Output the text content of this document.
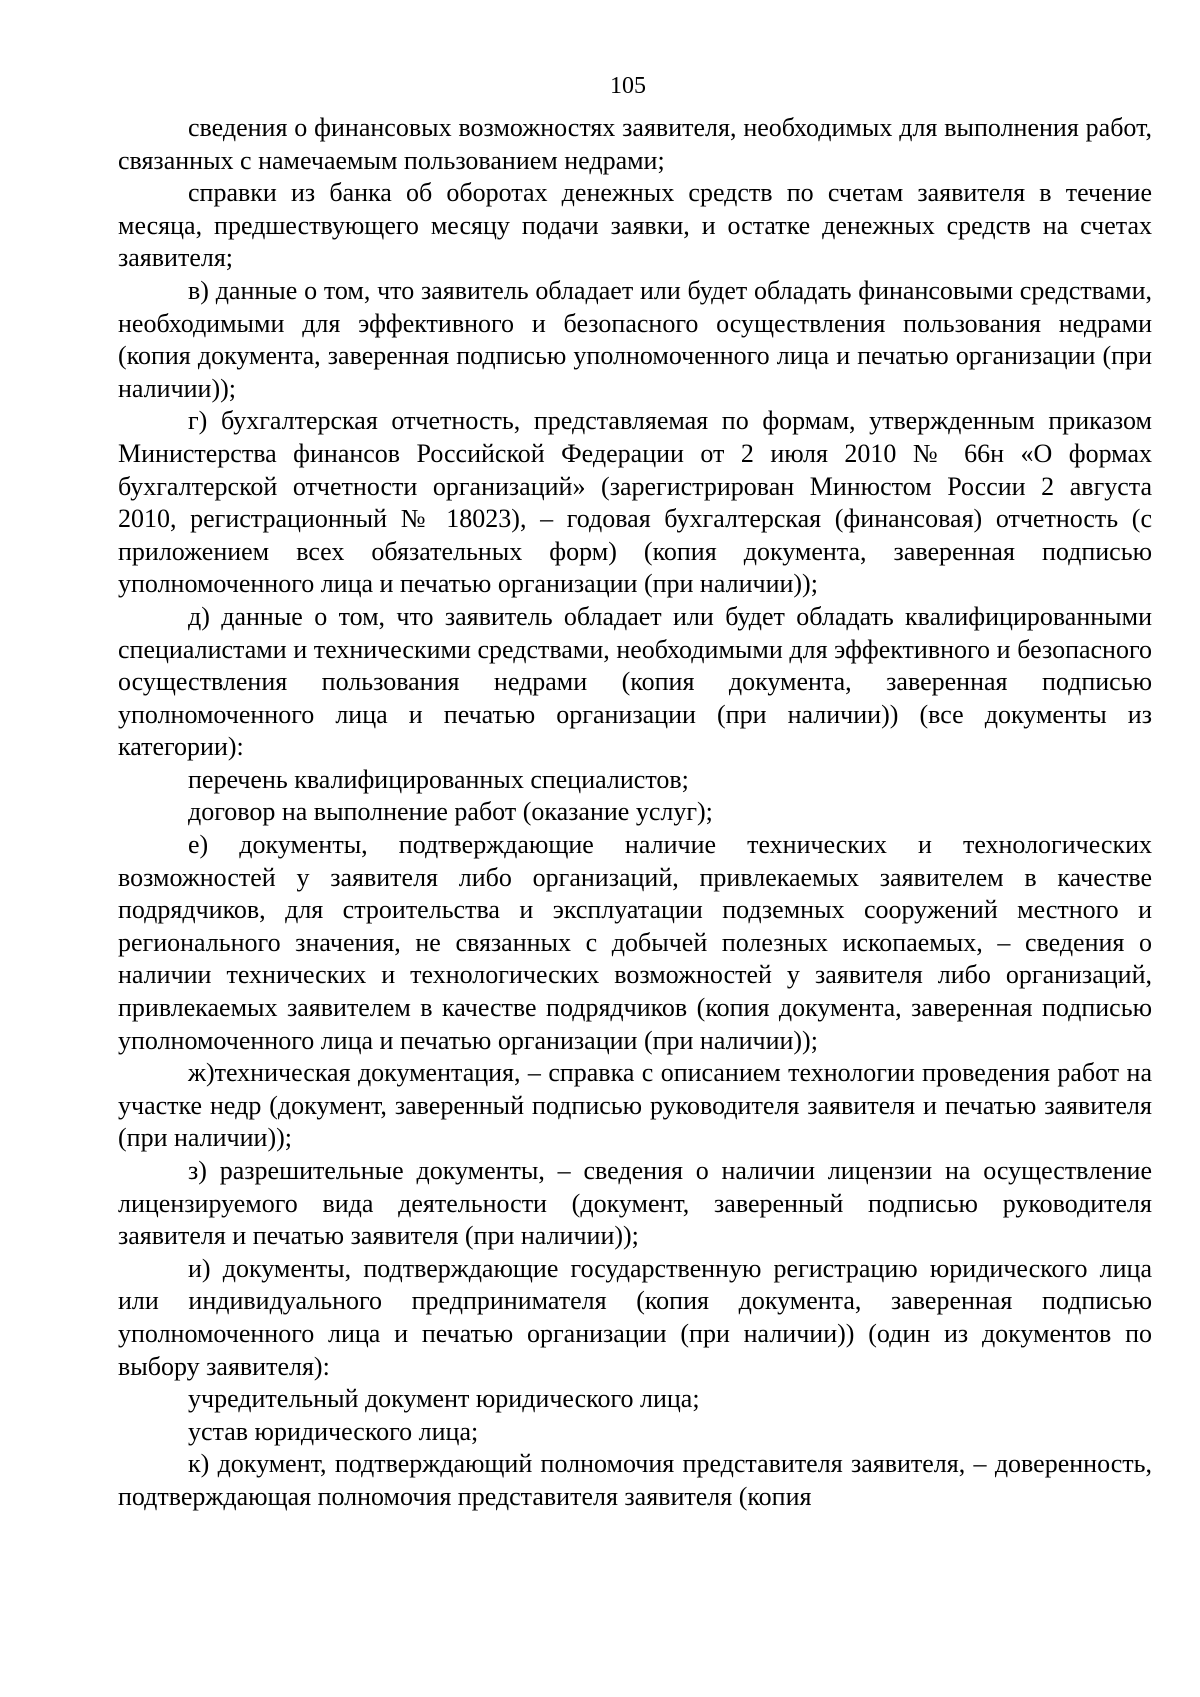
105

сведения о финансовых возможностях заявителя, необходимых для выполнения работ, связанных с намечаемым пользованием недрами;

справки из банка об оборотах денежных средств по счетам заявителя в течение месяца, предшествующего месяцу подачи заявки, и остатке денежных средств на счетах заявителя;

в) данные о том, что заявитель обладает или будет обладать финансовыми средствами, необходимыми для эффективного и безопасного осуществления пользования недрами (копия документа, заверенная подписью уполномоченного лица и печатью организации (при наличии));

г) бухгалтерская отчетность, представляемая по формам, утвержденным приказом Министерства финансов Российской Федерации от 2 июля 2010 № 66н «О формах бухгалтерской отчетности организаций» (зарегистрирован Минюстом России 2 августа 2010, регистрационный № 18023), – годовая бухгалтерская (финансовая) отчетность (с приложением всех обязательных форм) (копия документа, заверенная подписью уполномоченного лица и печатью организации (при наличии));

д) данные о том, что заявитель обладает или будет обладать квалифицированными специалистами и техническими средствами, необходимыми для эффективного и безопасного осуществления пользования недрами (копия документа, заверенная подписью уполномоченного лица и печатью организации (при наличии)) (все документы из категории):

перечень квалифицированных специалистов;

договор на выполнение работ (оказание услуг);

е) документы, подтверждающие наличие технических и технологических возможностей у заявителя либо организаций, привлекаемых заявителем в качестве подрядчиков, для строительства и эксплуатации подземных сооружений местного и регионального значения, не связанных с добычей полезных ископаемых, – сведения о наличии технических и технологических возможностей у заявителя либо организаций, привлекаемых заявителем в качестве подрядчиков (копия документа, заверенная подписью уполномоченного лица и печатью организации (при наличии));

ж)техническая документация, – справка с описанием технологии проведения работ на участке недр (документ, заверенный подписью руководителя заявителя и печатью заявителя (при наличии));

з) разрешительные документы, – сведения о наличии лицензии на осуществление лицензируемого вида деятельности (документ, заверенный подписью руководителя заявителя и печатью заявителя (при наличии));

и) документы, подтверждающие государственную регистрацию юридического лица или индивидуального предпринимателя (копия документа, заверенная подписью уполномоченного лица и печатью организации (при наличии)) (один из документов по выбору заявителя):

учредительный документ юридического лица;

устав юридического лица;

к) документ, подтверждающий полномочия представителя заявителя, – доверенность, подтверждающая полномочия представителя заявителя (копия
